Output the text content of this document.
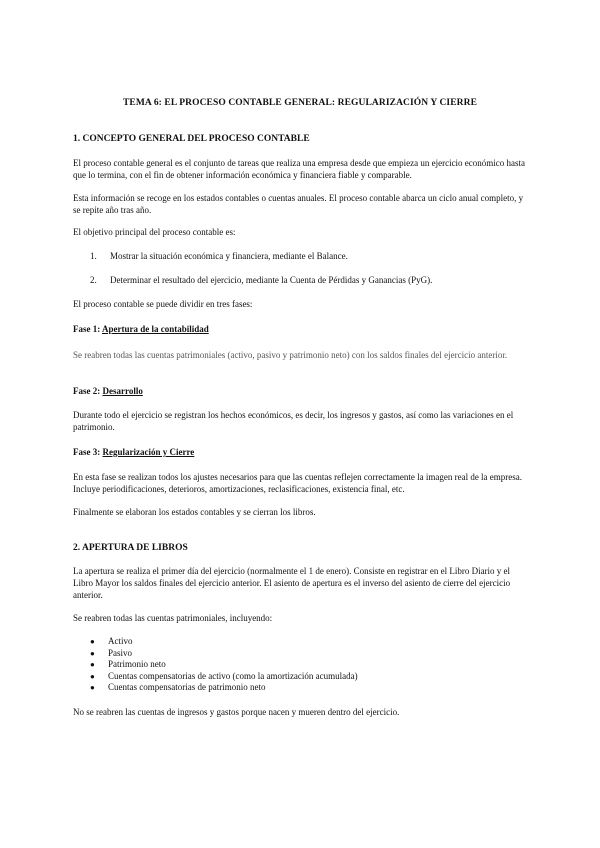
TEMA 6: EL PROCESO CONTABLE GENERAL: REGULARIZACIÓN Y CIERRE
1. CONCEPTO GENERAL DEL PROCESO CONTABLE
El proceso contable general es el conjunto de tareas que realiza una empresa desde que empieza un ejercicio económico hasta que lo termina, con el fin de obtener información económica y financiera fiable y comparable.
Esta información se recoge en los estados contables o cuentas anuales. El proceso contable abarca un ciclo anual completo, y se repite año tras año.
El objetivo principal del proceso contable es:
1. Mostrar la situación económica y financiera, mediante el Balance.
2. Determinar el resultado del ejercicio, mediante la Cuenta de Pérdidas y Ganancias (PyG).
El proceso contable se puede dividir en tres fases:
Fase 1: Apertura de la contabilidad
Se reabren todas las cuentas patrimoniales (activo, pasivo y patrimonio neto) con los saldos finales del ejercicio anterior.
Fase 2: Desarrollo
Durante todo el ejercicio se registran los hechos económicos, es decir, los ingresos y gastos, así como las variaciones en el patrimonio.
Fase 3: Regularización y Cierre
En esta fase se realizan todos los ajustes necesarios para que las cuentas reflejen correctamente la imagen real de la empresa. Incluye periodificaciones, deterioros, amortizaciones, reclasificaciones, existencia final, etc.
Finalmente se elaboran los estados contables y se cierran los libros.
2. APERTURA DE LIBROS
La apertura se realiza el primer día del ejercicio (normalmente el 1 de enero). Consiste en registrar en el Libro Diario y el Libro Mayor los saldos finales del ejercicio anterior. El asiento de apertura es el inverso del asiento de cierre del ejercicio anterior.
Se reabren todas las cuentas patrimoniales, incluyendo:
● Activo
● Pasivo
● Patrimonio neto
● Cuentas compensatorias de activo (como la amortización acumulada)
● Cuentas compensatorias de patrimonio neto
No se reabren las cuentas de ingresos y gastos porque nacen y mueren dentro del ejercicio.
